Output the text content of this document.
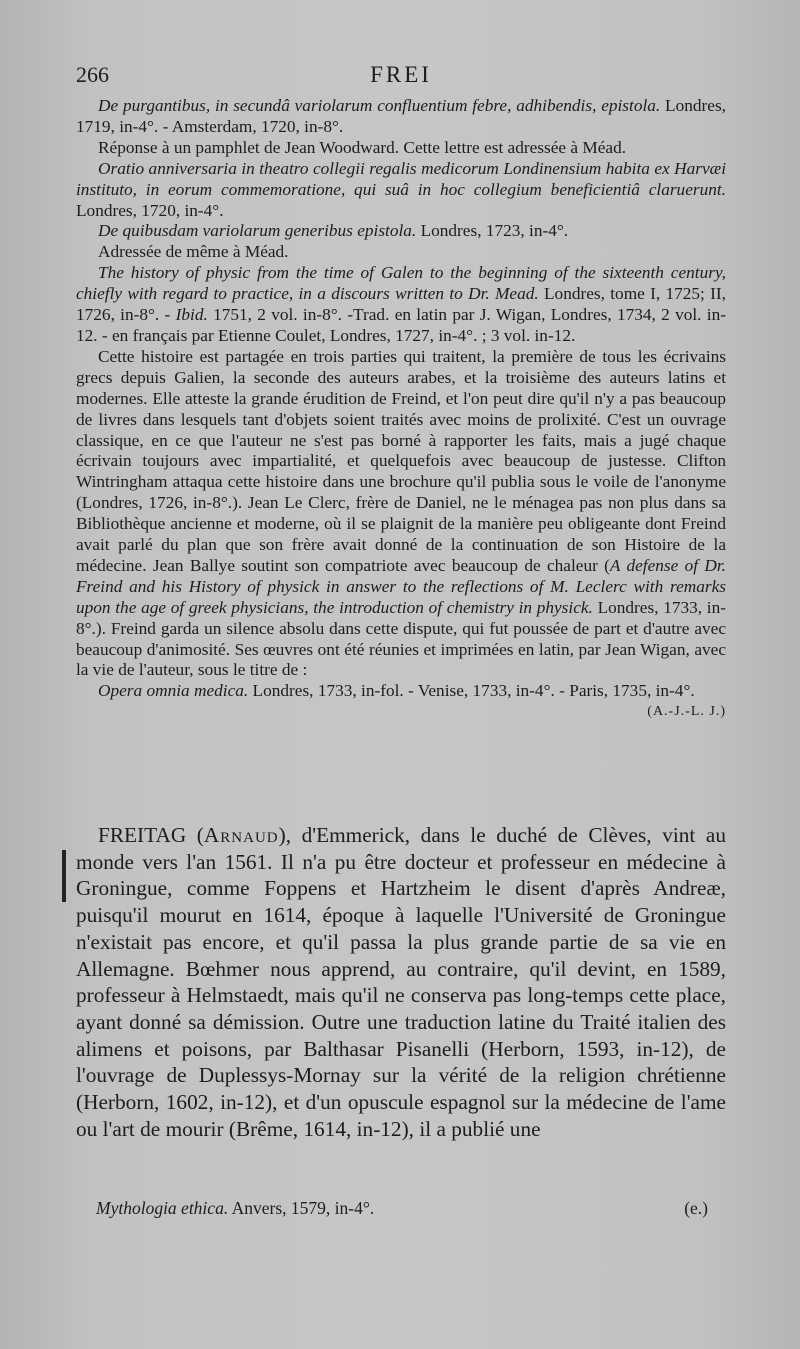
266	FREI

De purgantibus, in secundâ variolarum confluentium febre, adhibendis, epistola. Londres, 1719, in-4°. - Amsterdam, 1720, in-8°.

Réponse à un pamphlet de Jean Woodward. Cette lettre est adressée à Méad.

Oratio anniversaria in theatro collegii regalis medicorum Londinensium habita ex Harvæi instituto, in eorum commemoratione, qui suâ in hoc collegium beneficientiâ claruerunt. Londres, 1720, in-4°.

De quibusdam variolarum generibus epistola. Londres, 1723, in-4°.

Adressée de même à Méad.

The history of physic from the time of Galen to the beginning of the sixteenth century, chiefly with regard to practice, in a discours written to Dr. Mead. Londres, tome I, 1725; II, 1726, in-8°. - Ibid. 1751, 2 vol. in-8°. -Trad. en latin par J. Wigan, Londres, 1734, 2 vol. in-12. - en français par Etienne Coulet, Londres, 1727, in-4°. ; 3 vol. in-12.

Cette histoire est partagée en trois parties qui traitent, la première de tous les écrivains grecs depuis Galien, la seconde des auteurs arabes, et la troisième des auteurs latins et modernes. Elle atteste la grande érudition de Freind, et l'on peut dire qu'il n'y a pas beaucoup de livres dans lesquels tant d'objets soient traités avec moins de prolixité. C'est un ouvrage classique, en ce que l'auteur ne s'est pas borné à rapporter les faits, mais a jugé chaque écrivain toujours avec impartialité, et quelquefois avec beaucoup de justesse. Clifton Wintringham attaqua cette histoire dans une brochure qu'il publia sous le voile de l'anonyme (Londres, 1726, in-8°.). Jean Le Clerc, frère de Daniel, ne le ménagea pas non plus dans sa Bibliothèque ancienne et moderne, où il se plaignit de la manière peu obligeante dont Freind avait parlé du plan que son frère avait donné de la continuation de son Histoire de la médecine. Jean Ballye soutint son compatriote avec beaucoup de chaleur (A defense of Dr. Freind and his History of physick in answer to the reflections of M. Leclerc with remarks upon the age of greek physicians, the introduction of chemistry in physick. Londres, 1733, in-8°.). Freind garda un silence absolu dans cette dispute, qui fut poussée de part et d'autre avec beaucoup d'animosité. Ses œuvres ont été réunies et imprimées en latin, par Jean Wigan, avec la vie de l'auteur, sous le titre de :

Opera omnia medica. Londres, 1733, in-fol. - Venise, 1733, in-4°. - Paris, 1735, in-4°.

(A.-J.-L. J.)

FREITAG (Arnaud), d'Emmerick, dans le duché de Clèves, vint au monde vers l'an 1561. Il n'a pu être docteur et professeur en médecine à Groningue, comme Foppens et Hartzheim le disent d'après Andreæ, puisqu'il mourut en 1614, époque à laquelle l'Université de Groningue n'existait pas encore, et qu'il passa la plus grande partie de sa vie en Allemagne. Bœhmer nous apprend, au contraire, qu'il devint, en 1589, professeur à Helmstaedt, mais qu'il ne conserva pas long-temps cette place, ayant donné sa démission. Outre une traduction latine du Traité italien des alimens et poisons, par Balthasar Pisanelli (Herborn, 1593, in-12), de l'ouvrage de Duplessys-Mornay sur la vérité de la religion chrétienne (Herborn, 1602, in-12), et d'un opuscule espagnol sur la médecine de l'ame ou l'art de mourir (Brême, 1614, in-12), il a publié une

Mythologia ethica. Anvers, 1579, in-4°.	(e.)
